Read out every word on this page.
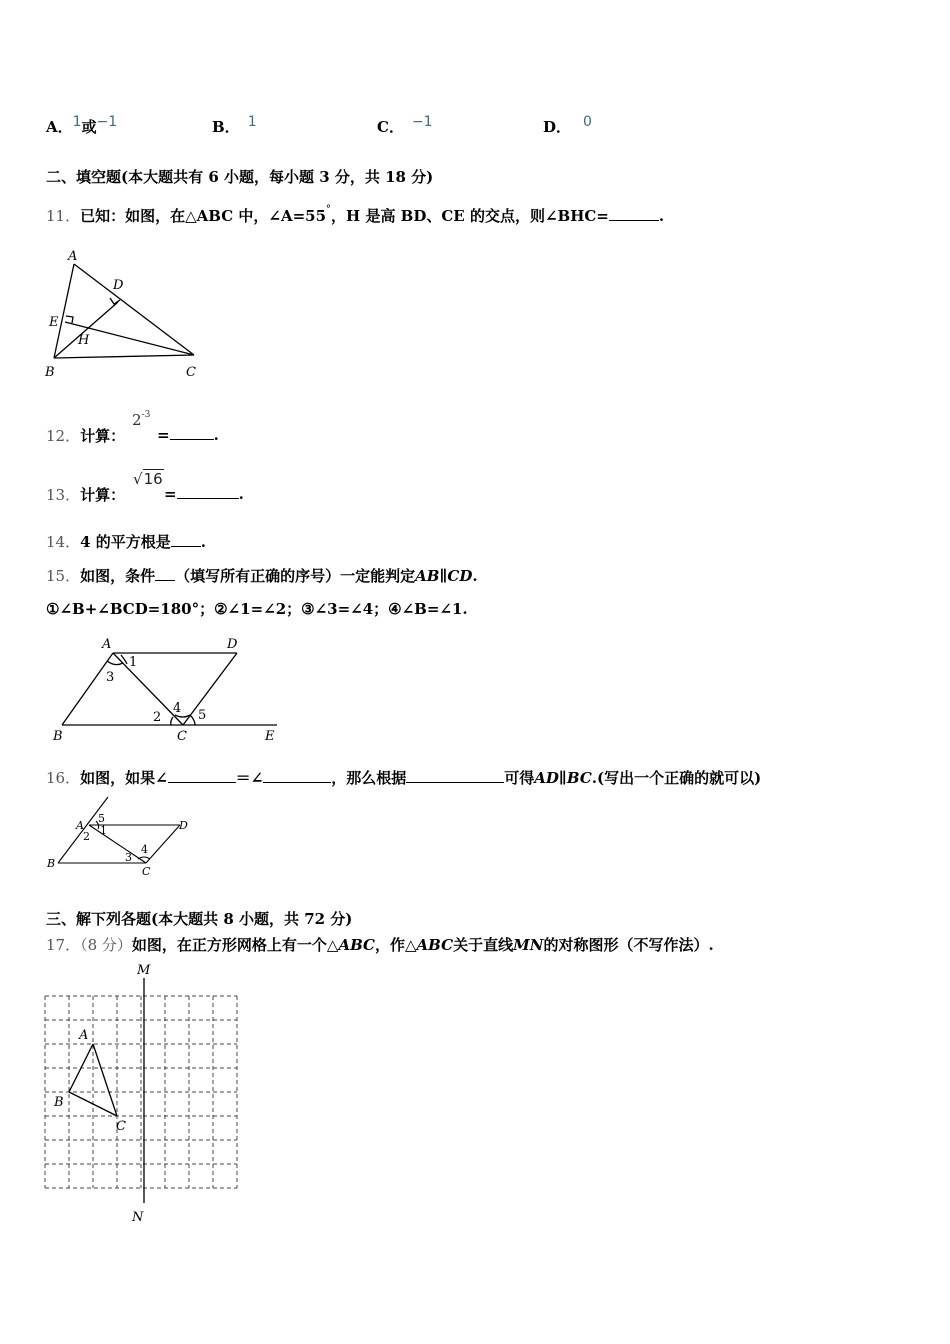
A．1或−1	B． 1	C． −1	D． 0
二、填空题(本大题共有 6 小题，每小题 3 分，共 18 分)
11．已知：如图，在△ABC 中，∠A=55°，H 是高 BD、CE 的交点，则∠BHC=	.
A
D
E
H
B	C
12．计算：
$2^{-3}$
=	.
13．计算：
√16
=	.
14．4 的平方根是 .
15．如图，条件 （填写所有正确的序号）一定能判定AB∥CD.
①∠B+∠BCD=180°；②∠1=∠2；③∠3=∠4；④∠B=∠1.
A	D
1
3
2
4 5
B	C	E
16．如图，如果∠	＝∠	，那么根据	可得AD∥BC.(写出一个正确的就可以)
A
5
1
2
D
4
3
B
C
三、解下列各题(本大题共 8 小题，共 72 分)
17．（8 分）如图，在正方形网格上有一个△ABC，作△ABC关于直线MN的对称图形（不写作法）.
M
N
A
B
C
